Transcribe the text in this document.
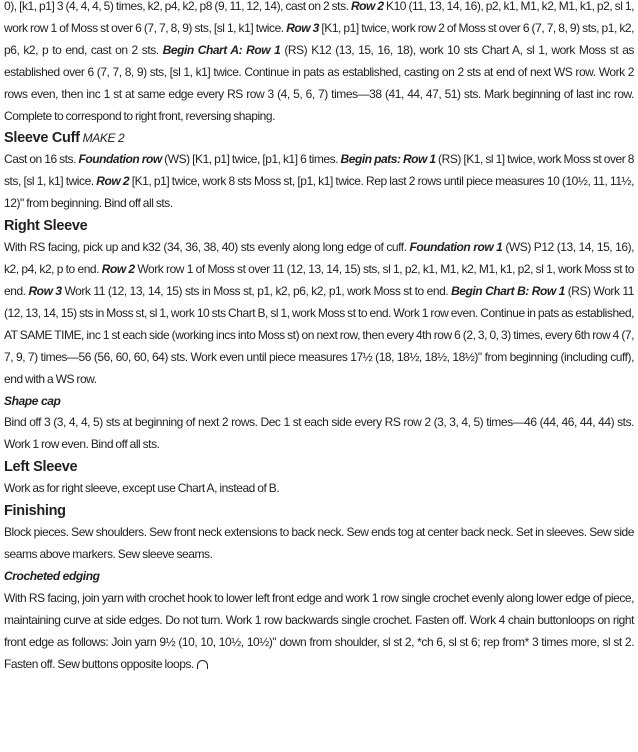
0), [k1, p1] 3 (4, 4, 4, 5) times, k2, p4, k2, p8 (9, 11, 12, 14), cast on 2 sts. Row 2 K10 (11, 13, 14, 16), p2, k1, M1, k2, M1, k1, p2, sl 1, work row 1 of Moss st over 6 (7, 7, 8, 9) sts, [sl 1, k1] twice. Row 3 [K1, p1] twice, work row 2 of Moss st over 6 (7, 7, 8, 9) sts, p1, k2, p6, k2, p to end, cast on 2 sts. Begin Chart A: Row 1 (RS) K12 (13, 15, 16, 18), work 10 sts Chart A, sl 1, work Moss st as established over 6 (7, 7, 8, 9) sts, [sl 1, k1] twice. Continue in pats as established, casting on 2 sts at end of next WS row. Work 2 rows even, then inc 1 st at same edge every RS row 3 (4, 5, 6, 7) times—38 (41, 44, 47, 51) sts. Mark beginning of last inc row. Complete to correspond to right front, reversing shaping.

Sleeve Cuff MAKE 2

Cast on 16 sts. Foundation row (WS) [K1, p1] twice, [p1, k1] 6 times. Begin pats: Row 1 (RS) [K1, sl 1] twice, work Moss st over 8 sts, [sl 1, k1] twice. Row 2 [K1, p1] twice, work 8 sts Moss st, [p1, k1] twice. Rep last 2 rows until piece measures 10 (10½, 11, 11½, 12)" from beginning. Bind off all sts.

Right Sleeve

With RS facing, pick up and k32 (34, 36, 38, 40) sts evenly along long edge of cuff. Foundation row 1 (WS) P12 (13, 14, 15, 16), k2, p4, k2, p to end. Row 2 Work row 1 of Moss st over 11 (12, 13, 14, 15) sts, sl 1, p2, k1, M1, k2, M1, k1, p2, sl 1, work Moss st to end. Row 3 Work 11 (12, 13, 14, 15) sts in Moss st, p1, k2, p6, k2, p1, work Moss st to end. Begin Chart B: Row 1 (RS) Work 11 (12, 13, 14, 15) sts in Moss st, sl 1, work 10 sts Chart B, sl 1, work Moss st to end. Work 1 row even. Continue in pats as established, AT SAME TIME, inc 1 st each side (working incs into Moss st) on next row, then every 4th row 6 (2, 3, 0, 3) times, every 6th row 4 (7, 7, 9, 7) times—56 (56, 60, 60, 64) sts. Work even until piece measures 17½ (18, 18½, 18½, 18½)" from beginning (including cuff), end with a WS row.

Shape cap

Bind off 3 (3, 4, 4, 5) sts at beginning of next 2 rows. Dec 1 st each side every RS row 2 (3, 3, 4, 5) times—46 (44, 46, 44, 44) sts. Work 1 row even. Bind off all sts.

Left Sleeve

Work as for right sleeve, except use Chart A, instead of B.

Finishing

Block pieces. Sew shoulders. Sew front neck extensions to back neck. Sew ends tog at center back neck. Set in sleeves. Sew side seams above markers. Sew sleeve seams.

Crocheted edging

With RS facing, join yarn with crochet hook to lower left front edge and work 1 row single crochet evenly along lower edge of piece, maintaining curve at side edges. Do not turn. Work 1 row backwards single crochet. Fasten off. Work 4 chain buttonloops on right front edge as follows: Join yarn 9½ (10, 10, 10½, 10½)" down from shoulder, sl st 2, *ch 6, sl st 6; rep from* 3 times more, sl st 2. Fasten off. Sew buttons opposite loops.
